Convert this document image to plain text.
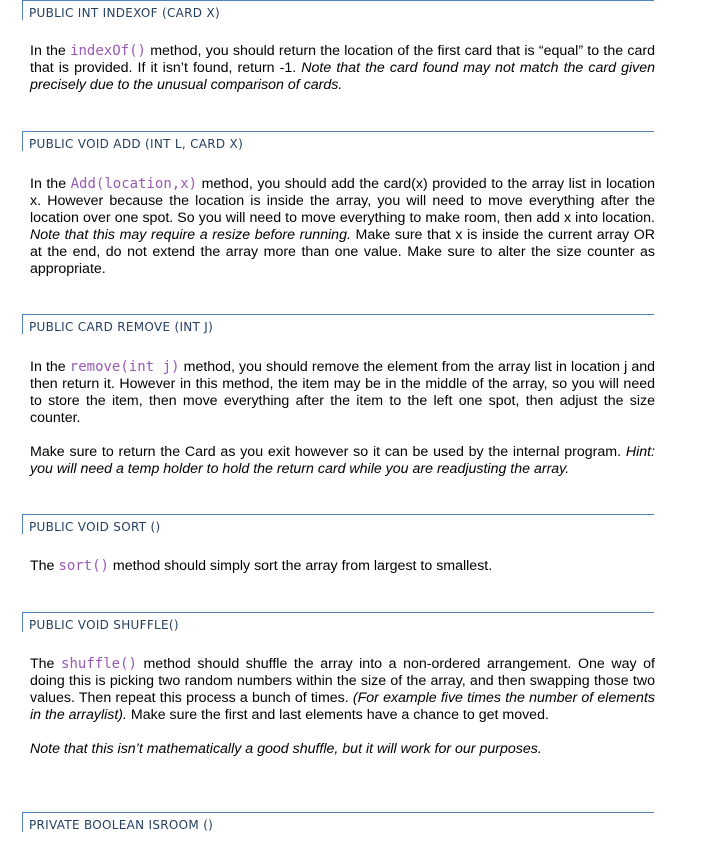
PUBLIC INT INDEXOF (CARD X)

In the indexOf() method, you should return the location of the first card that is “equal” to the card that is provided. If it isn’t found, return -1. Note that the card found may not match the card given precisely due to the unusual comparison of cards.

PUBLIC VOID ADD (INT L, CARD X)

In the Add(location,x) method, you should add the card(x) provided to the array list in location x. However because the location is inside the array, you will need to move everything after the location over one spot. So you will need to move everything to make room, then add x into location. Note that this may require a resize before running. Make sure that x is inside the current array OR at the end, do not extend the array more than one value. Make sure to alter the size counter as appropriate.

PUBLIC CARD REMOVE (INT J)

In the remove(int j) method, you should remove the element from the array list in location j and then return it. However in this method, the item may be in the middle of the array, so you will need to store the item, then move everything after the item to the left one spot, then adjust the size counter.

Make sure to return the Card as you exit however so it can be used by the internal program. Hint: you will need a temp holder to hold the return card while you are readjusting the array.

PUBLIC VOID SORT ()

The sort() method should simply sort the array from largest to smallest.

PUBLIC VOID SHUFFLE()

The shuffle() method should shuffle the array into a non-ordered arrangement. One way of doing this is picking two random numbers within the size of the array, and then swapping those two values. Then repeat this process a bunch of times. (For example five times the number of elements in the arraylist). Make sure the first and last elements have a chance to get moved.

Note that this isn’t mathematically a good shuffle, but it will work for our purposes.

PRIVATE BOOLEAN ISROOM ()
